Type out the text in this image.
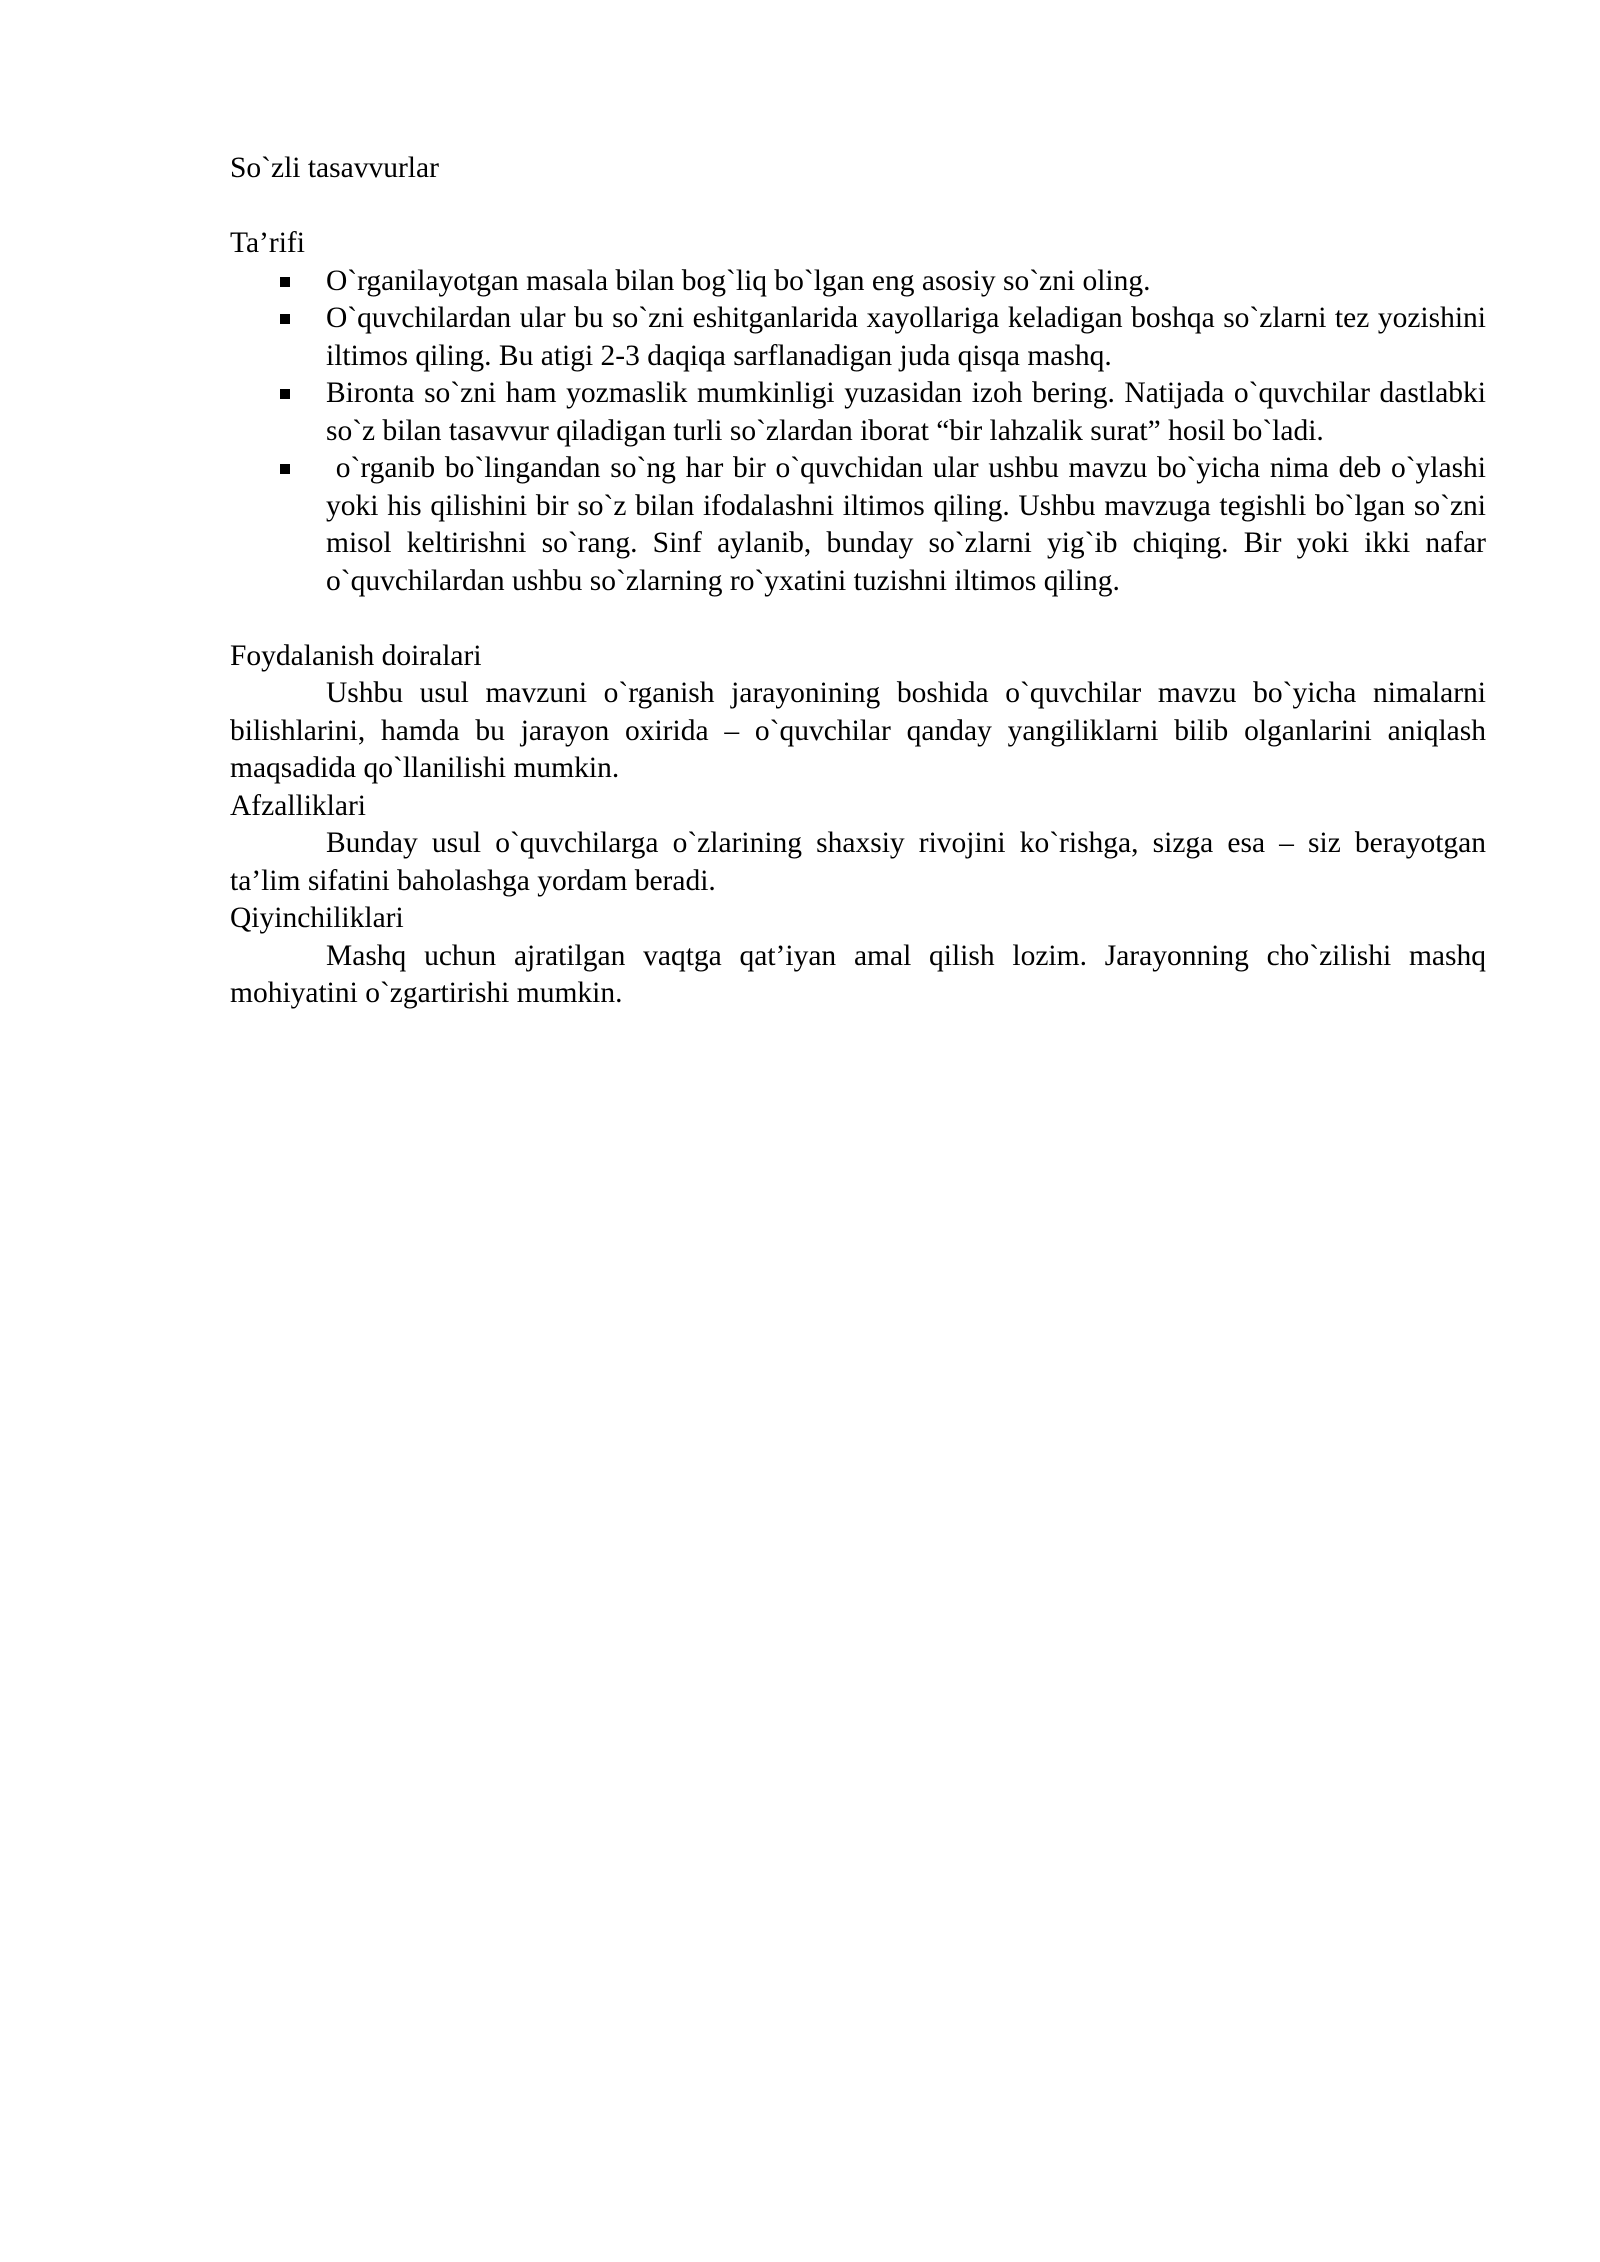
So`zli tasavvurlar

Ta’rifi

O`rganilayotgan masala bilan bog`liq bo`lgan eng asosiy so`zni oling.
O`quvchilardan ular bu so`zni eshitganlarida xayollariga keladigan boshqa so`zlarni tez yozishini iltimos qiling. Bu atigi 2-3 daqiqa sarflanadigan juda qisqa mashq.
Bironta so`zni ham yozmaslik mumkinligi yuzasidan izoh bering. Natijada o`quvchilar dastlabki so`z bilan tasavvur qiladigan turli so`zlardan iborat “bir lahzalik surat” hosil bo`ladi.
o`rganib bo`lingandan so`ng har bir o`quvchidan ular ushbu mavzu bo`yicha nima deb o`ylashi yoki his qilishini bir so`z bilan ifodalashni iltimos qiling. Ushbu mavzuga tegishli bo`lgan so`zni misol keltirishni so`rang. Sinf aylanib, bunday so`zlarni yig`ib chiqing. Bir yoki ikki nafar o`quvchilardan ushbu so`zlarning ro`yxatini tuzishni iltimos qiling.

Foydalanish doiralari

Ushbu usul mavzuni o`rganish jarayonining boshida o`quvchilar mavzu bo`yicha nimalarni bilishlarini, hamda bu jarayon oxirida – o`quvchilar qanday yangiliklarni bilib olganlarini aniqlash maqsadida qo`llanilishi mumkin.

Afzalliklari

Bunday usul o`quvchilarga o`zlarining shaxsiy rivojini ko`rishga, sizga esa – siz berayotgan ta’lim sifatini baholashga yordam beradi.

Qiyinchiliklari

Mashq uchun ajratilgan vaqtga qat’iyan amal qilish lozim. Jarayonning cho`zilishi mashq mohiyatini o`zgartirishi mumkin.
